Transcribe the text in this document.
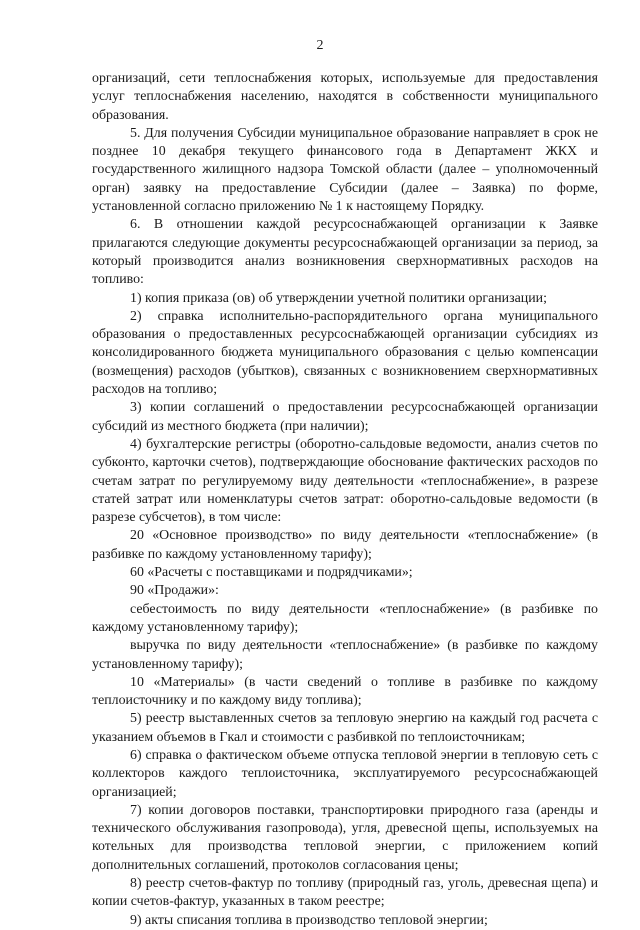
2

организаций, сети теплоснабжения которых, используемые для предоставления услуг теплоснабжения населению, находятся в собственности муниципального образования.

5. Для получения Субсидии муниципальное образование направляет в срок не позднее 10 декабря текущего финансового года в Департамент ЖКХ и государственного жилищного надзора Томской области (далее – уполномоченный орган) заявку на предоставление Субсидии (далее – Заявка) по форме, установленной согласно приложению № 1 к настоящему Порядку.

6. В отношении каждой ресурсоснабжающей организации к Заявке прилагаются следующие документы ресурсоснабжающей организации за период, за который производится анализ возникновения сверхнормативных расходов на топливо:

1) копия приказа (ов) об утверждении учетной политики организации;

2) справка исполнительно-распорядительного органа муниципального образования о предоставленных ресурсоснабжающей организации субсидиях из консолидированного бюджета муниципального образования с целью компенсации (возмещения) расходов (убытков), связанных с возникновением сверхнормативных расходов на топливо;

3) копии соглашений о предоставлении ресурсоснабжающей организации субсидий из местного бюджета (при наличии);

4) бухгалтерские регистры (оборотно-сальдовые ведомости, анализ счетов по субконто, карточки счетов), подтверждающие обоснование фактических расходов по счетам затрат по регулируемому виду деятельности «теплоснабжение», в разрезе статей затрат или номенклатуры счетов затрат: оборотно-сальдовые ведомости (в разрезе субсчетов), в том числе:

20 «Основное производство» по виду деятельности «теплоснабжение» (в разбивке по каждому установленному тарифу);

60 «Расчеты с поставщиками и подрядчиками»;

90 «Продажи»:

себестоимость по виду деятельности «теплоснабжение» (в разбивке по каждому установленному тарифу);

выручка по виду деятельности «теплоснабжение» (в разбивке по каждому установленному тарифу);

10 «Материалы» (в части сведений о топливе в разбивке по каждому теплоисточнику и по каждому виду топлива);

5) реестр выставленных счетов за тепловую энергию на каждый год расчета с указанием объемов в Гкал и стоимости с разбивкой по теплоисточникам;

6) справка о фактическом объеме отпуска тепловой энергии в тепловую сеть с коллекторов каждого теплоисточника, эксплуатируемого ресурсоснабжающей организацией;

7) копии договоров поставки, транспортировки природного газа (аренды и технического обслуживания газопровода), угля, древесной щепы, используемых на котельных для производства тепловой энергии, с приложением копий дополнительных соглашений, протоколов согласования цены;

8) реестр счетов-фактур по топливу (природный газ, уголь, древесная щепа) и копии счетов-фактур, указанных в таком реестре;

9) акты списания топлива в производство тепловой энергии;
